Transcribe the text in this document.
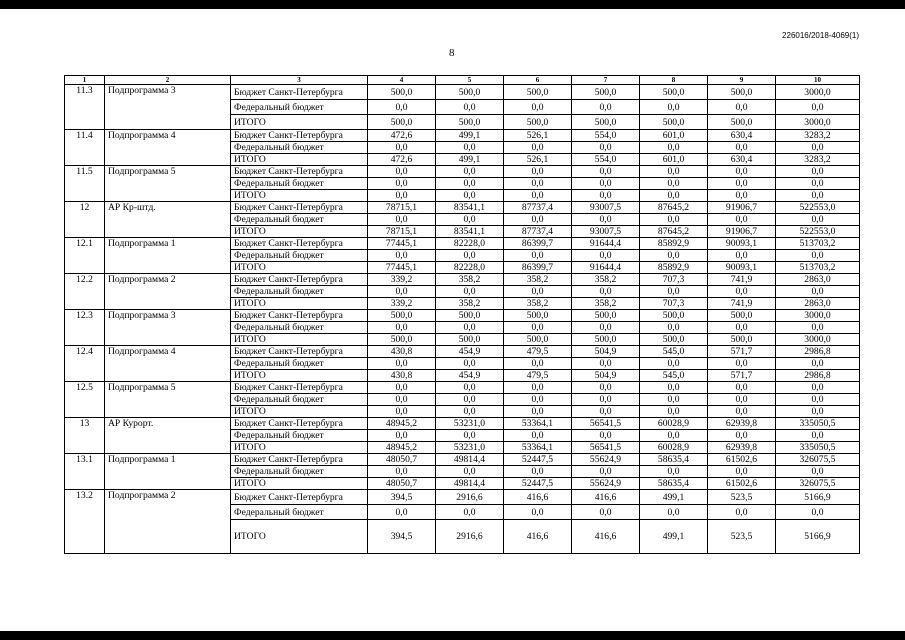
226016/2018-4069(1)
8
1	2	3	4	5	6	7	8	9	10
11.3	Подпрограмма 3	Бюджет Санкт-Петербурга	500,0	500,0	500,0	500,0	500,0	500,0	3000,0
		Федеральный бюджет	0,0	0,0	0,0	0,0	0,0	0,0	0,0
		ИТОГО	500,0	500,0	500,0	500,0	500,0	500,0	3000,0
11.4	Подпрограмма 4	Бюджет Санкт-Петербурга	472,6	499,1	526,1	554,0	601,0	630,4	3283,2
		Федеральный бюджет	0,0	0,0	0,0	0,0	0,0	0,0	0,0
		ИТОГО	472,6	499,1	526,1	554,0	601,0	630,4	3283,2
11.5	Подпрограмма 5	Бюджет Санкт-Петербурга	0,0	0,0	0,0	0,0	0,0	0,0	0,0
		Федеральный бюджет	0,0	0,0	0,0	0,0	0,0	0,0	0,0
		ИТОГО	0,0	0,0	0,0	0,0	0,0	0,0	0,0
12	АР Кр-штд.	Бюджет Санкт-Петербурга	78715,1	83541,1	87737,4	93007,5	87645,2	91906,7	522553,0
		Федеральный бюджет	0,0	0,0	0,0	0,0	0,0	0,0	0,0
		ИТОГО	78715,1	83541,1	87737,4	93007,5	87645,2	91906,7	522553,0
12.1	Подпрограмма 1	Бюджет Санкт-Петербурга	77445,1	82228,0	86399,7	91644,4	85892,9	90093,1	513703,2
		Федеральный бюджет	0,0	0,0	0,0	0,0	0,0	0,0	0,0
		ИТОГО	77445,1	82228,0	86399,7	91644,4	85892,9	90093,1	513703,2
12.2	Подпрограмма 2	Бюджет Санкт-Петербурга	339,2	358,2	358,2	358,2	707,3	741,9	2863,0
		Федеральный бюджет	0,0	0,0	0,0	0,0	0,0	0,0	0,0
		ИТОГО	339,2	358,2	358,2	358,2	707,3	741,9	2863,0
12.3	Подпрограмма 3	Бюджет Санкт-Петербурга	500,0	500,0	500,0	500,0	500,0	500,0	3000,0
		Федеральный бюджет	0,0	0,0	0,0	0,0	0,0	0,0	0,0
		ИТОГО	500,0	500,0	500,0	500,0	500,0	500,0	3000,0
12.4	Подпрограмма 4	Бюджет Санкт-Петербурга	430,8	454,9	479,5	504,9	545,0	571,7	2986,8
		Федеральный бюджет	0,0	0,0	0,0	0,0	0,0	0,0	0,0
		ИТОГО	430,8	454,9	479,5	504,9	545,0	571,7	2986,8
12.5	Подпрограмма 5	Бюджет Санкт-Петербурга	0,0	0,0	0,0	0,0	0,0	0,0	0,0
		Федеральный бюджет	0,0	0,0	0,0	0,0	0,0	0,0	0,0
		ИТОГО	0,0	0,0	0,0	0,0	0,0	0,0	0,0
13	АР Курорт.	Бюджет Санкт-Петербурга	48945,2	53231,0	53364,1	56541,5	60028,9	62939,8	335050,5
		Федеральный бюджет	0,0	0,0	0,0	0,0	0,0	0,0	0,0
		ИТОГО	48945,2	53231,0	53364,1	56541,5	60028,9	62939,8	335050,5
13.1	Подпрограмма 1	Бюджет Санкт-Петербурга	48050,7	49814,4	52447,5	55624,9	58635,4	61502,6	326075,5
		Федеральный бюджет	0,0	0,0	0,0	0,0	0,0	0,0	0,0
		ИТОГО	48050,7	49814,4	52447,5	55624,9	58635,4	61502,6	326075,5
13.2	Подпрограмма 2	Бюджет Санкт-Петербурга	394,5	2916,6	416,6	416,6	499,1	523,5	5166,9
		Федеральный бюджет	0,0	0,0	0,0	0,0	0,0	0,0	0,0
		ИТОГО	394,5	2916,6	416,6	416,6	499,1	523,5	5166,9
